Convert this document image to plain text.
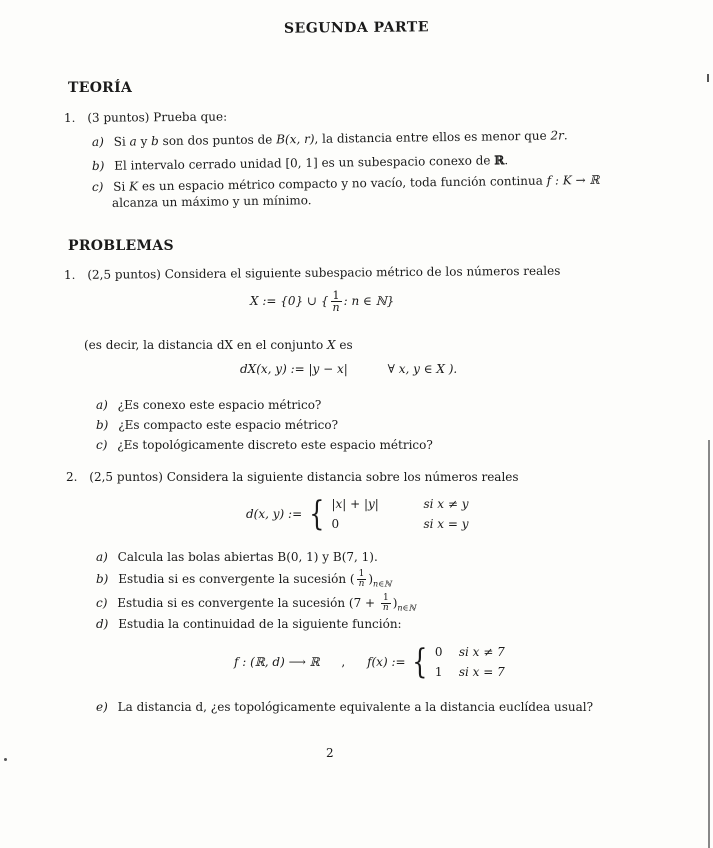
SEGUNDA PARTE
TEORÍA
1. (3 puntos) Prueba que:
a) Si a y b son dos puntos de B(x, r), la distancia entre ellos es menor que 2r.
b) El intervalo cerrado unidad [0, 1] es un subespacio conexo de ℝ.
c) Si K es un espacio métrico compacto y no vacío, toda función continua f : K → ℝ
alcanza un máximo y un mínimo.
PROBLEMAS
1. (2,5 puntos) Considera el siguiente subespacio métrico de los números reales
X := {0} ∪ { $\frac{1}{n}$ : n ∈ ℕ}
(es decir, la distancia dX en el conjunto X es
dX(x, y) := |y − x|	∀ x, y ∈ X ).
a) ¿Es conexo este espacio métrico?
b) ¿Es compacto este espacio métrico?
c) ¿Es topológicamente discreto este espacio métrico?
2. (2,5 puntos) Considera la siguiente distancia sobre los números reales
d(x, y) := { |x| + |y|	si x ≠ y
0	si x = y
a) Calcula las bolas abiertas B(0, 1) y B(7, 1).
b) Estudia si es convergente la sucesión ( $\frac{1}{n} )_{n\in ℕ}$
c) Estudia si es convergente la sucesión $(7 + \frac{1}{n} )_{n\in ℕ}$
d) Estudia la continuidad de la siguiente función:
f : (ℝ, d) ⟶ ℝ , f(x) := { 0 si x ≠ 7
1 si x = 7
e) La distancia d, ¿es topológicamente equivalente a la distancia euclídea usual?
2
